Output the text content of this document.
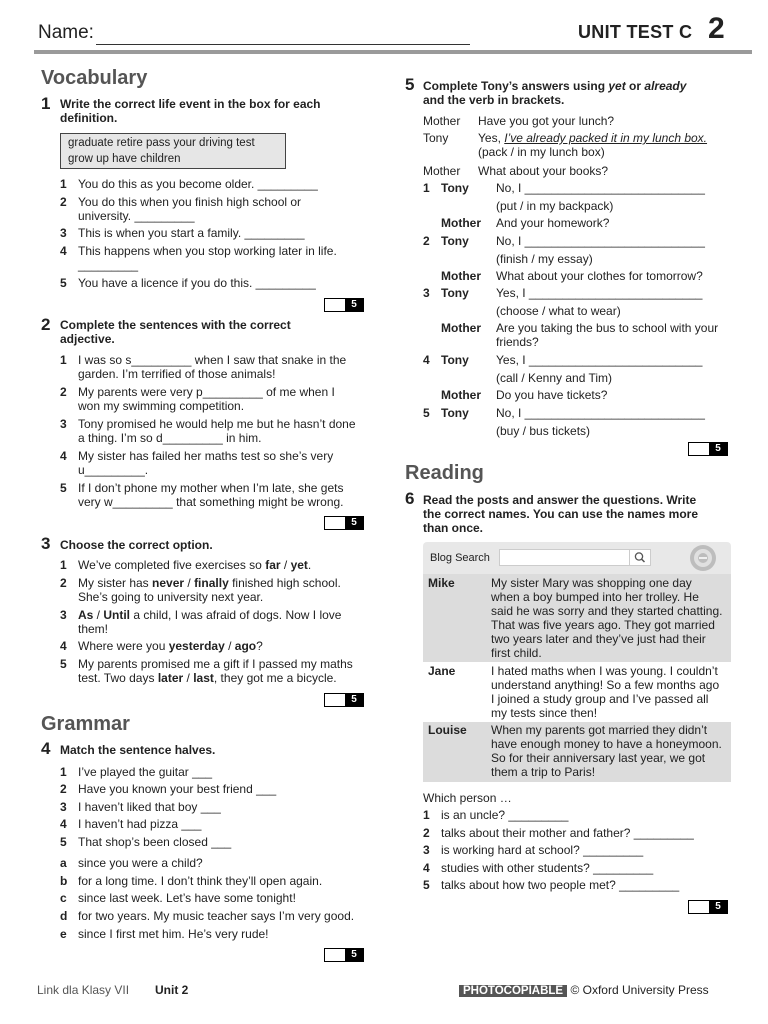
Name:	UNIT TEST C 2
Vocabulary
1 Write the correct life event in the box for each
definition.
graduate retire pass your driving test
grow up have children
1 You do this as you become older. _________
2 You do this when you finish high school or
university. _________
3 This is when you start a family. _________
4 This happens when you stop working later in life.
_________
5 You have a licence if you do this. _________
5
2 Complete the sentences with the correct
adjective.
1 I was so s_________ when I saw that snake in the
garden. I’m terrified of those animals!
2 My parents were very p_________ of me when I
won my swimming competition.
3 Tony promised he would help me but he hasn’t done
a thing. I’m so d_________ in him.
4 My sister has failed her maths test so she’s very
u_________.
5 If I don’t phone my mother when I’m late, she gets
very w_________ that something might be wrong.
5
3 Choose the correct option.
1 We’ve completed five exercises so far / yet.
2 My sister has never / finally finished high school.
She’s going to university next year.
3 As / Until a child, I was afraid of dogs. Now I love
them!
4 Where were you yesterday / ago?
5 My parents promised me a gift if I passed my maths
test. Two days later / last, they got me a bicycle.
5
Grammar
4 Match the sentence halves.
1 I’ve played the guitar ___
2 Have you known your best friend ___
3 I haven’t liked that boy ___
4 I haven’t had pizza ___
5 That shop’s been closed ___
a since you were a child?
b for a long time. I don’t think they’ll open again.
c since last week. Let’s have some tonight!
d for two years. My music teacher says I’m very good.
e since I first met him. He’s very rude!
5
5 Complete Tony’s answers using yet or already
and the verb in brackets.
Mother Have you got your lunch?
Tony Yes, I’ve already packed it in my lunch box.
(pack / in my lunch box)
Mother What about your books?
1 Tony No, I ___________________________
(put / in my backpack)
Mother And your homework?
2 Tony No, I ___________________________
(finish / my essay)
Mother What about your clothes for tomorrow?
3 Tony Yes, I __________________________
(choose / what to wear)
Mother Are you taking the bus to school with your
friends?
4 Tony Yes, I __________________________
(call / Kenny and Tim)
Mother Do you have tickets?
5 Tony No, I ___________________________
(buy / bus tickets)
5
Reading
6 Read the posts and answer the questions. Write
the correct names. You can use the names more
than once.
Blog Search
Mike	My sister Mary was shopping one day
when a boy bumped into her trolley. He
said he was sorry and they started chatting.
That was five years ago. They got married
two years later and they’ve just had their
first child.
Jane	I hated maths when I was young. I couldn’t
understand anything! So a few months ago
I joined a study group and I’ve passed all
my tests since then!
Louise When my parents got married they didn’t
have enough money to have a honeymoon.
So for their anniversary last year, we got
them a trip to Paris!
Which person …
1 is an uncle? _________
2 talks about their mother and father? _________
3 is working hard at school? _________
4 studies with other students? _________
5 talks about how two people met? _________
5
Link dla Klasy VII Unit 2	PHOTOCOPIABLE © Oxford University Press
